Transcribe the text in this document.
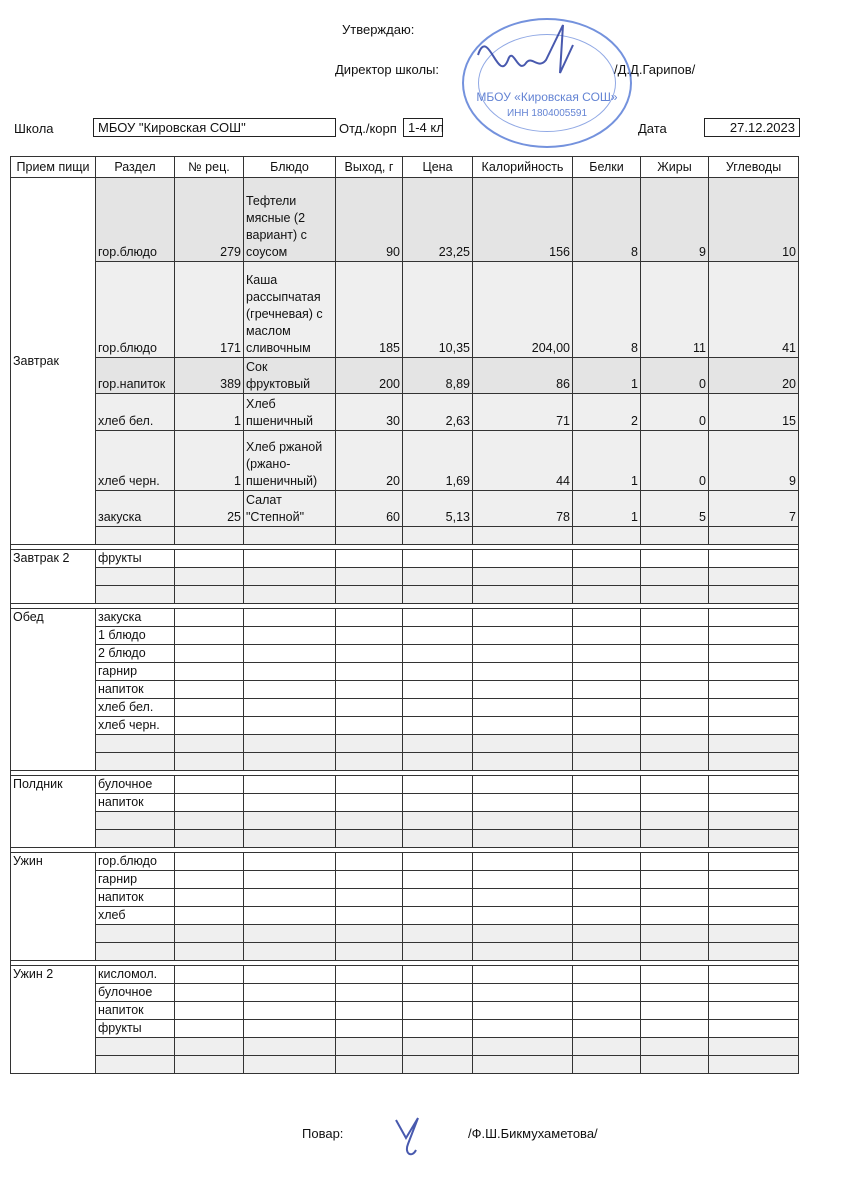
Утверждаю:
Директор школы:	/Д.Д.Гарипов/
МБОУ «Кировская СОШ»
ИНН 1804005591
Школа	МБОУ "Кировская СОШ"	Отд./корп 1-4 кл	Дата	27.12.2023
Прием пищи	Раздел	№ рец.	Блюдо	Выход, г	Цена	Калорийность	Белки	Жиры	Углеводы
Завтрак	гор.блюдо	279	Тефтели мясные (2 вариант) с соусом	90	23,25	156	8	9	10
	гор.блюдо	171	Каша рассыпчатая (гречневая) с маслом сливочным	185	10,35	204,00	8	11	41
	гор.напиток	389	Сок фруктовый	200	8,89	86	1	0	20
	хлеб бел.	1	Хлеб пшеничный	30	2,63	71	2	0	15
	хлеб черн.	1	Хлеб ржаной (ржано-пшеничный)	20	1,69	44	1	0	9
	закуска	25	Салат "Степной"	60	5,13	78	1	5	7

Завтрак 2	фрукты								

Обед	закуска								
	1 блюдо								
	2 блюдо								
	гарнир								
	напиток								
	хлеб бел.								
	хлеб черн.								

Полдник	булочное								
	напиток								

Ужин	гор.блюдо								
	гарнир								
	напиток								
	хлеб								

Ужин 2	кисломол.								
	булочное								
	напиток								
	фрукты								

Повар:	/Ф.Ш.Бикмухаметова/
